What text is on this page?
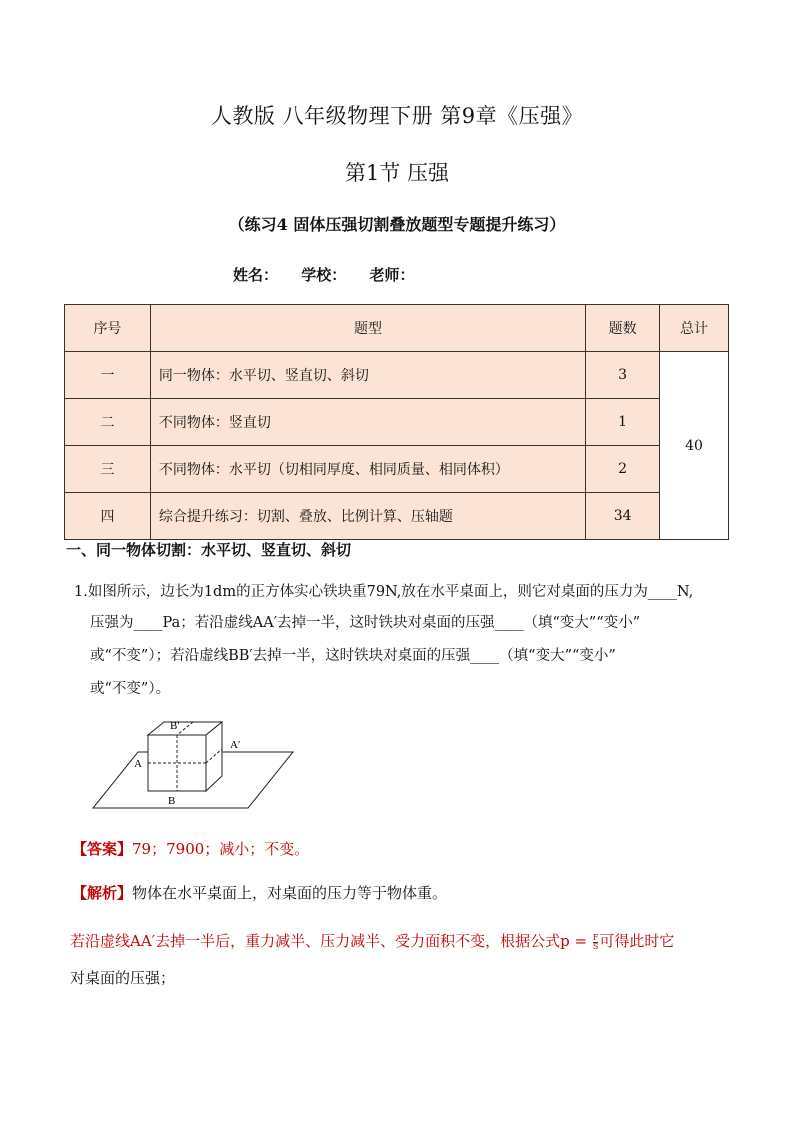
人教版 八年级物理下册 第9章《压强》
第1节 压强
（练习4 固体压强切割叠放题型专题提升练习）
姓名： 学校： 老师：
序号	题型	题数	总计
一	同一物体：水平切、竖直切、斜切	3	40
二	不同物体：竖直切	1	
三	不同物体：水平切（切相同厚度、相同质量、相同体积）	2	
四	综合提升练习：切割、叠放、比例计算、压轴题	34	
一、同一物体切割：水平切、竖直切、斜切
1.如图所示，边长为1dm的正方体实心铁块重79N,放在水平桌面上，则它对桌面的压力为____N,
压强为____Pa；若沿虚线AA′去掉一半，这时铁块对桌面的压强____（填“变大”“变小”
或“不变”）；若沿虚线BB′去掉一半，这时铁块对桌面的压强____（填“变大”“变小”
或“不变”）。
B′
A′
A
B
【答案】79；7900；减小；不变。
【解析】物体在水平桌面上，对桌面的压力等于物体重。
若沿虚线AA′去掉一半后，重力减半、压力减半、受力面积不变，根据公式$p = \frac{F}{S}$ 可得此时它
对桌面的压强；
